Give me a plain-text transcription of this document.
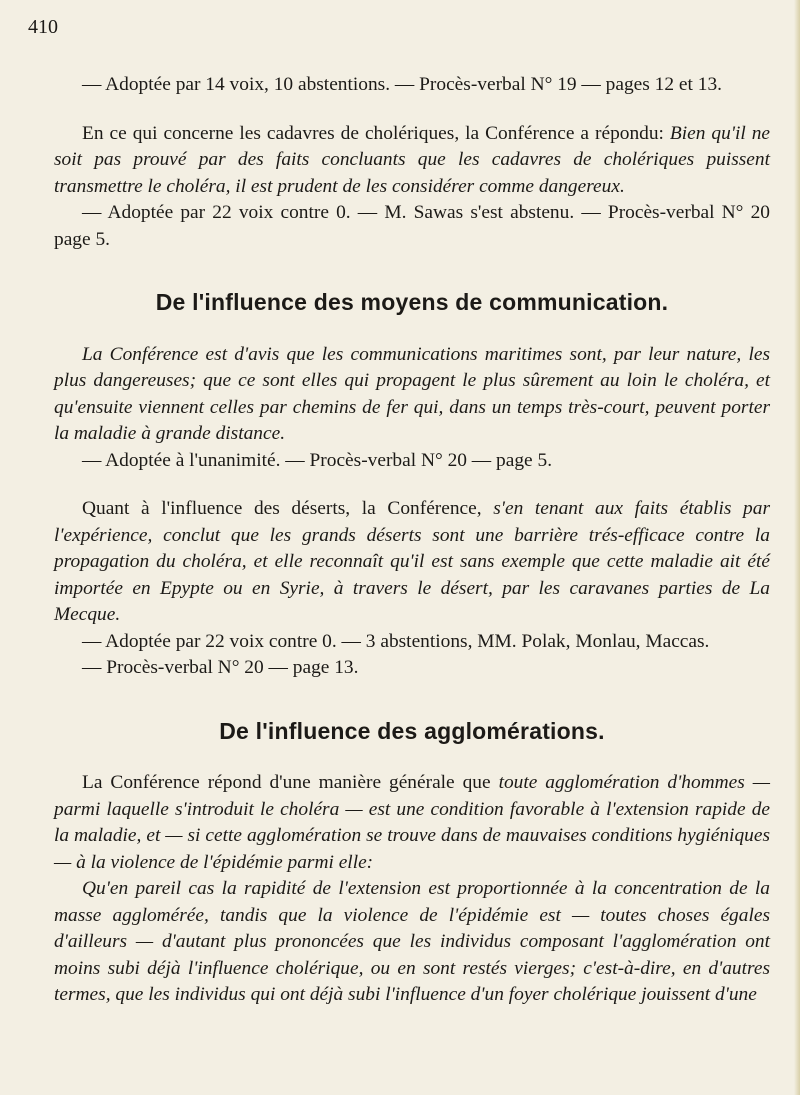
410

— Adoptée par 14 voix, 10 abstentions. — Procès-verbal N° 19 — pages 12 et 13.

En ce qui concerne les cadavres de cholériques, la Conférence a répondu: Bien qu'il ne soit pas prouvé par des faits concluants que les cadavres de cholériques puissent transmettre le choléra, il est prudent de les considérer comme dangereux.

— Adoptée par 22 voix contre 0. — M. Sawas s'est abstenu. — Procès-verbal N° 20 page 5.

De l'influence des moyens de communication.

La Conférence est d'avis que les communications maritimes sont, par leur nature, les plus dangereuses; que ce sont elles qui propagent le plus sûrement au loin le choléra, et qu'ensuite viennent celles par chemins de fer qui, dans un temps très-court, peuvent porter la maladie à grande distance.

— Adoptée à l'unanimité. — Procès-verbal N° 20 — page 5.

Quant à l'influence des déserts, la Conférence, s'en tenant aux faits établis par l'expérience, conclut que les grands déserts sont une barrière trés-efficace contre la propagation du choléra, et elle reconnaît qu'il est sans exemple que cette maladie ait été importée en Epypte ou en Syrie, à travers le désert, par les caravanes parties de La Mecque.

— Adoptée par 22 voix contre 0. — 3 abstentions, MM. Polak, Monlau, Maccas.

— Procès-verbal N° 20 — page 13.

De l'influence des agglomérations.

La Conférence répond d'une manière générale que toute agglomération d'hommes — parmi laquelle s'introduit le choléra — est une condition favorable à l'extension rapide de la maladie, et — si cette agglomération se trouve dans de mauvaises conditions hygiéniques — à la violence de l'épidémie parmi elle:

Qu'en pareil cas la rapidité de l'extension est proportionnée à la concentration de la masse agglomérée, tandis que la violence de l'épidémie est — toutes choses égales d'ailleurs — d'autant plus prononcées que les individus composant l'agglomération ont moins subi déjà l'influence cholérique, ou en sont restés vierges; c'est-à-dire, en d'autres termes, que les individus qui ont déjà subi l'influence d'un foyer cholérique jouissent d'une
